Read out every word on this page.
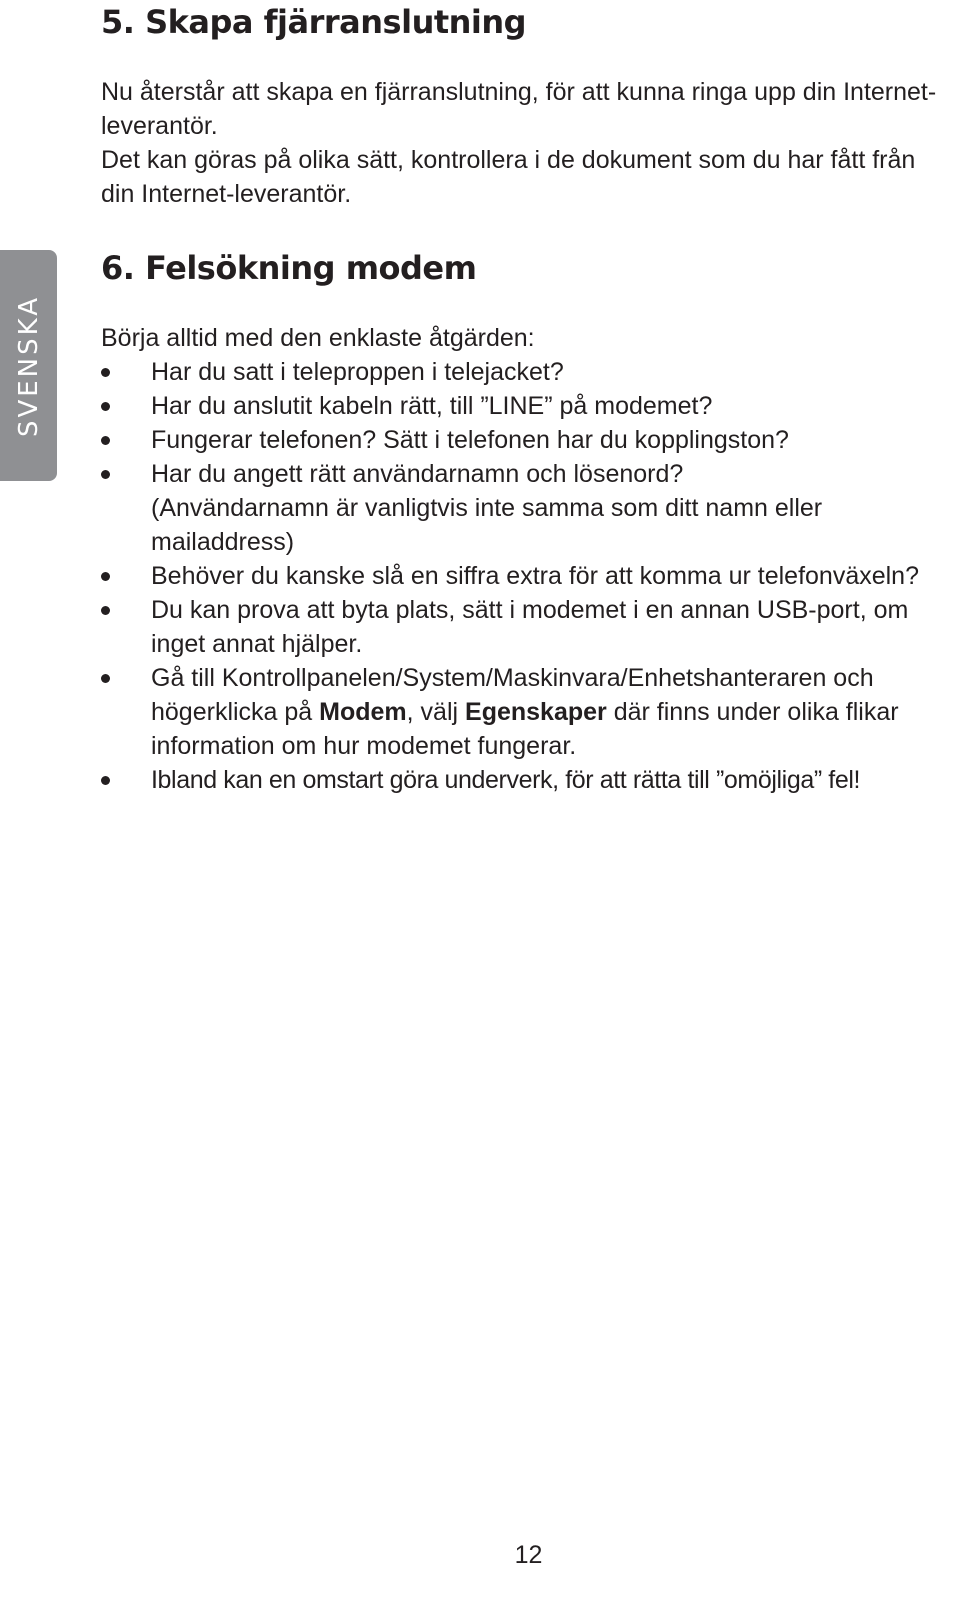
SVENSKA
5. Skapa fjärranslutning

Nu återstår att skapa en fjärranslutning, för att kunna ringa upp din Internet-leverantör.

Det kan göras på olika sätt, kontrollera i de dokument som du har fått från din Internet-leverantör.

6. Felsökning modem

Börja alltid med den enklaste åtgärden:

Har du satt i teleproppen i telejacket?
Har du anslutit kabeln rätt, till ”LINE” på modemet?
Fungerar telefonen? Sätt i telefonen har du kopplingston?
Har du angett rätt användarnamn och lösenord?
(Användarnamn är vanligtvis inte samma som ditt namn eller mailaddress)
Behöver du kanske slå en siffra extra för att komma ur telefonväxeln?
Du kan prova att byta plats, sätt i modemet i en annan USB-port, om inget annat hjälper.
Gå till Kontrollpanelen/System/Maskinvara/Enhetshanteraren och högerklicka på Modem, välj Egenskaper där finns under olika flikar information om hur modemet fungerar.
Ibland kan en omstart göra underverk, för att rätta till ”omöjliga” fel!
12
